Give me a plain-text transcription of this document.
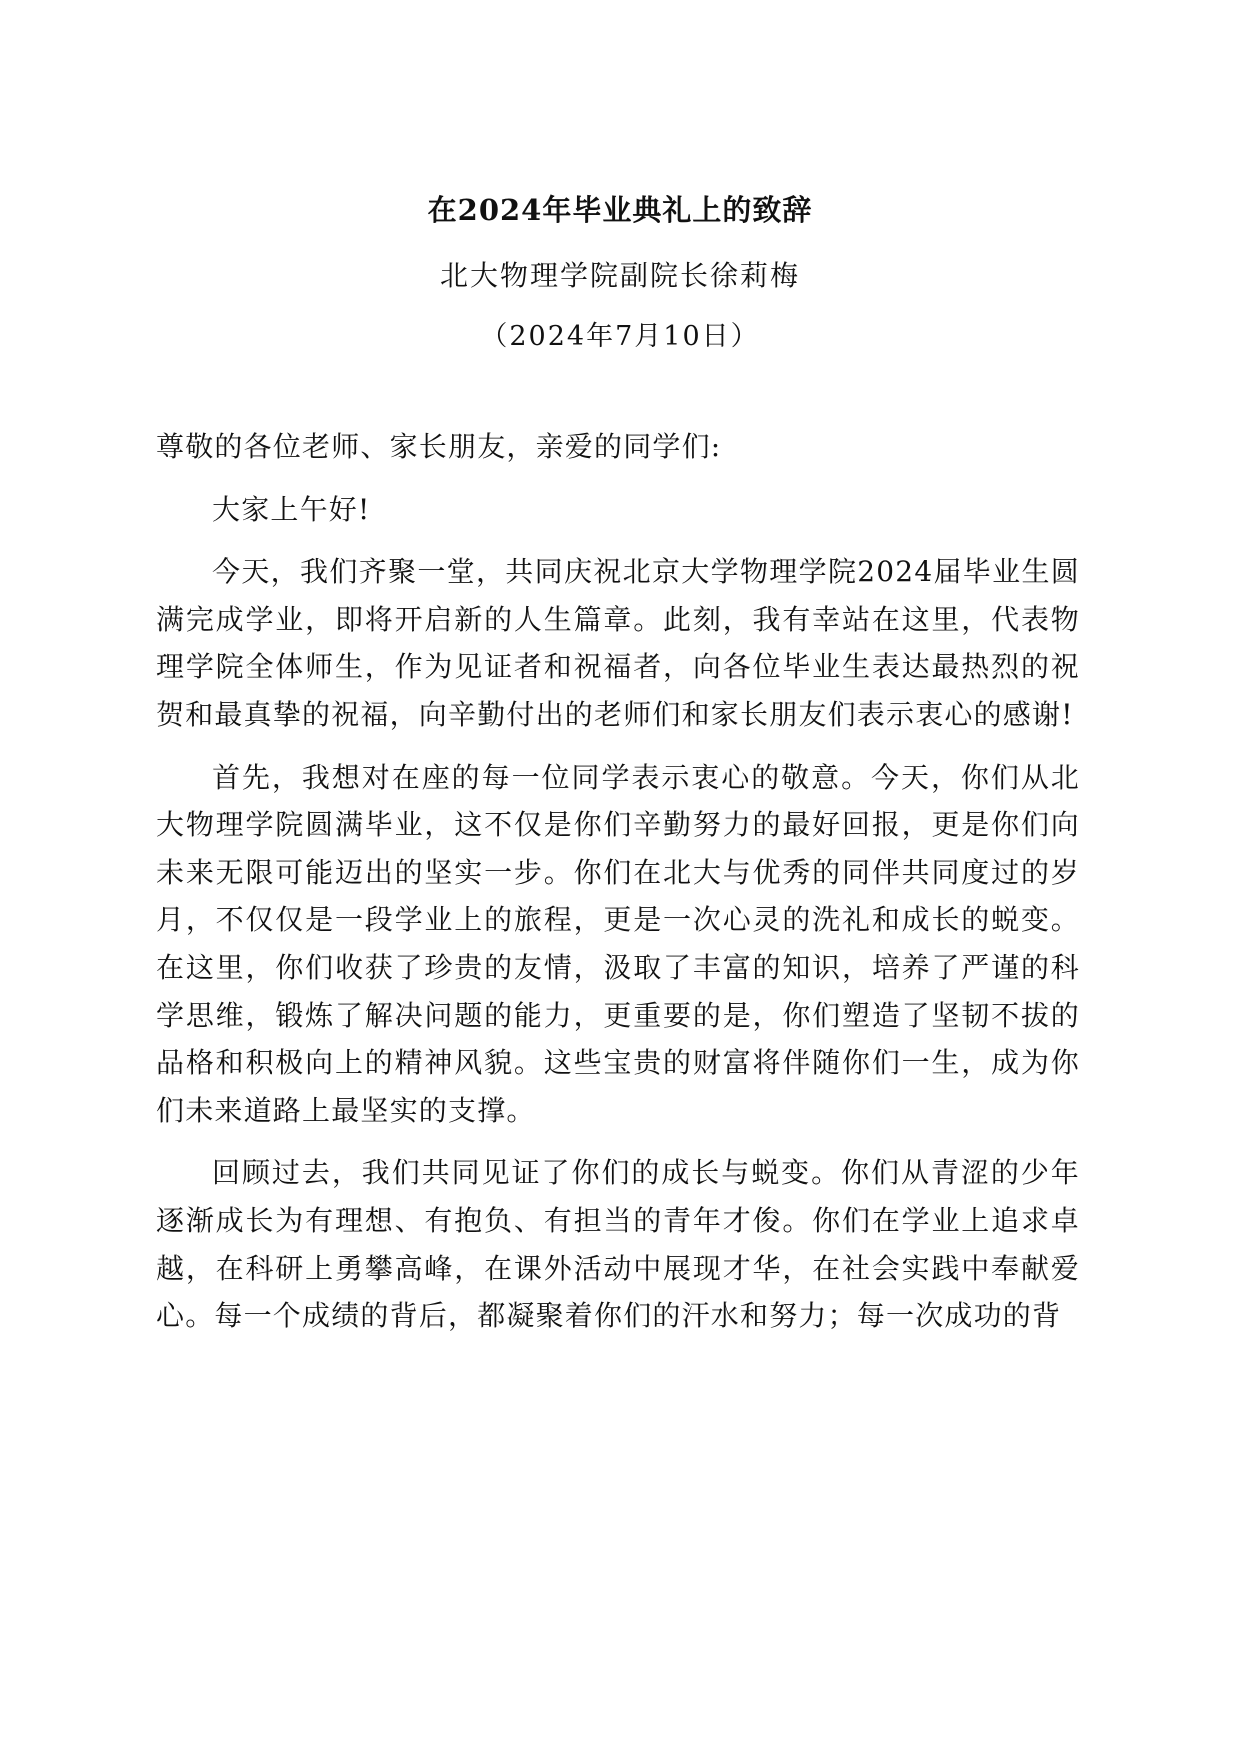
在2024年毕业典礼上的致辞
北大物理学院副院长徐莉梅
（2024年7月10日）

尊敬的各位老师、家长朋友，亲爱的同学们:

大家上午好!

今天，我们齐聚一堂，共同庆祝北京大学物理学院2024届毕业生圆满完成学业，即将开启新的人生篇章。此刻，我有幸站在这里，代表物理学院全体师生，作为见证者和祝福者，向各位毕业生表达最热烈的祝贺和最真挚的祝福，向辛勤付出的老师们和家长朋友们表示衷心的感谢!

首先，我想对在座的每一位同学表示衷心的敬意。今天，你们从北大物理学院圆满毕业，这不仅是你们辛勤努力的最好回报，更是你们向未来无限可能迈出的坚实一步。你们在北大与优秀的同伴共同度过的岁月，不仅仅是一段学业上的旅程，更是一次心灵的洗礼和成长的蜕变。在这里，你们收获了珍贵的友情，汲取了丰富的知识，培养了严谨的科学思维，锻炼了解决问题的能力，更重要的是，你们塑造了坚韧不拔的品格和积极向上的精神风貌。这些宝贵的财富将伴随你们一生，成为你们未来道路上最坚实的支撑。

回顾过去，我们共同见证了你们的成长与蜕变。你们从青涩的少年逐渐成长为有理想、有抱负、有担当的青年才俊。你们在学业上追求卓越，在科研上勇攀高峰，在课外活动中展现才华，在社会实践中奉献爱心。每一个成绩的背后，都凝聚着你们的汗水和努力；每一次成功的背
